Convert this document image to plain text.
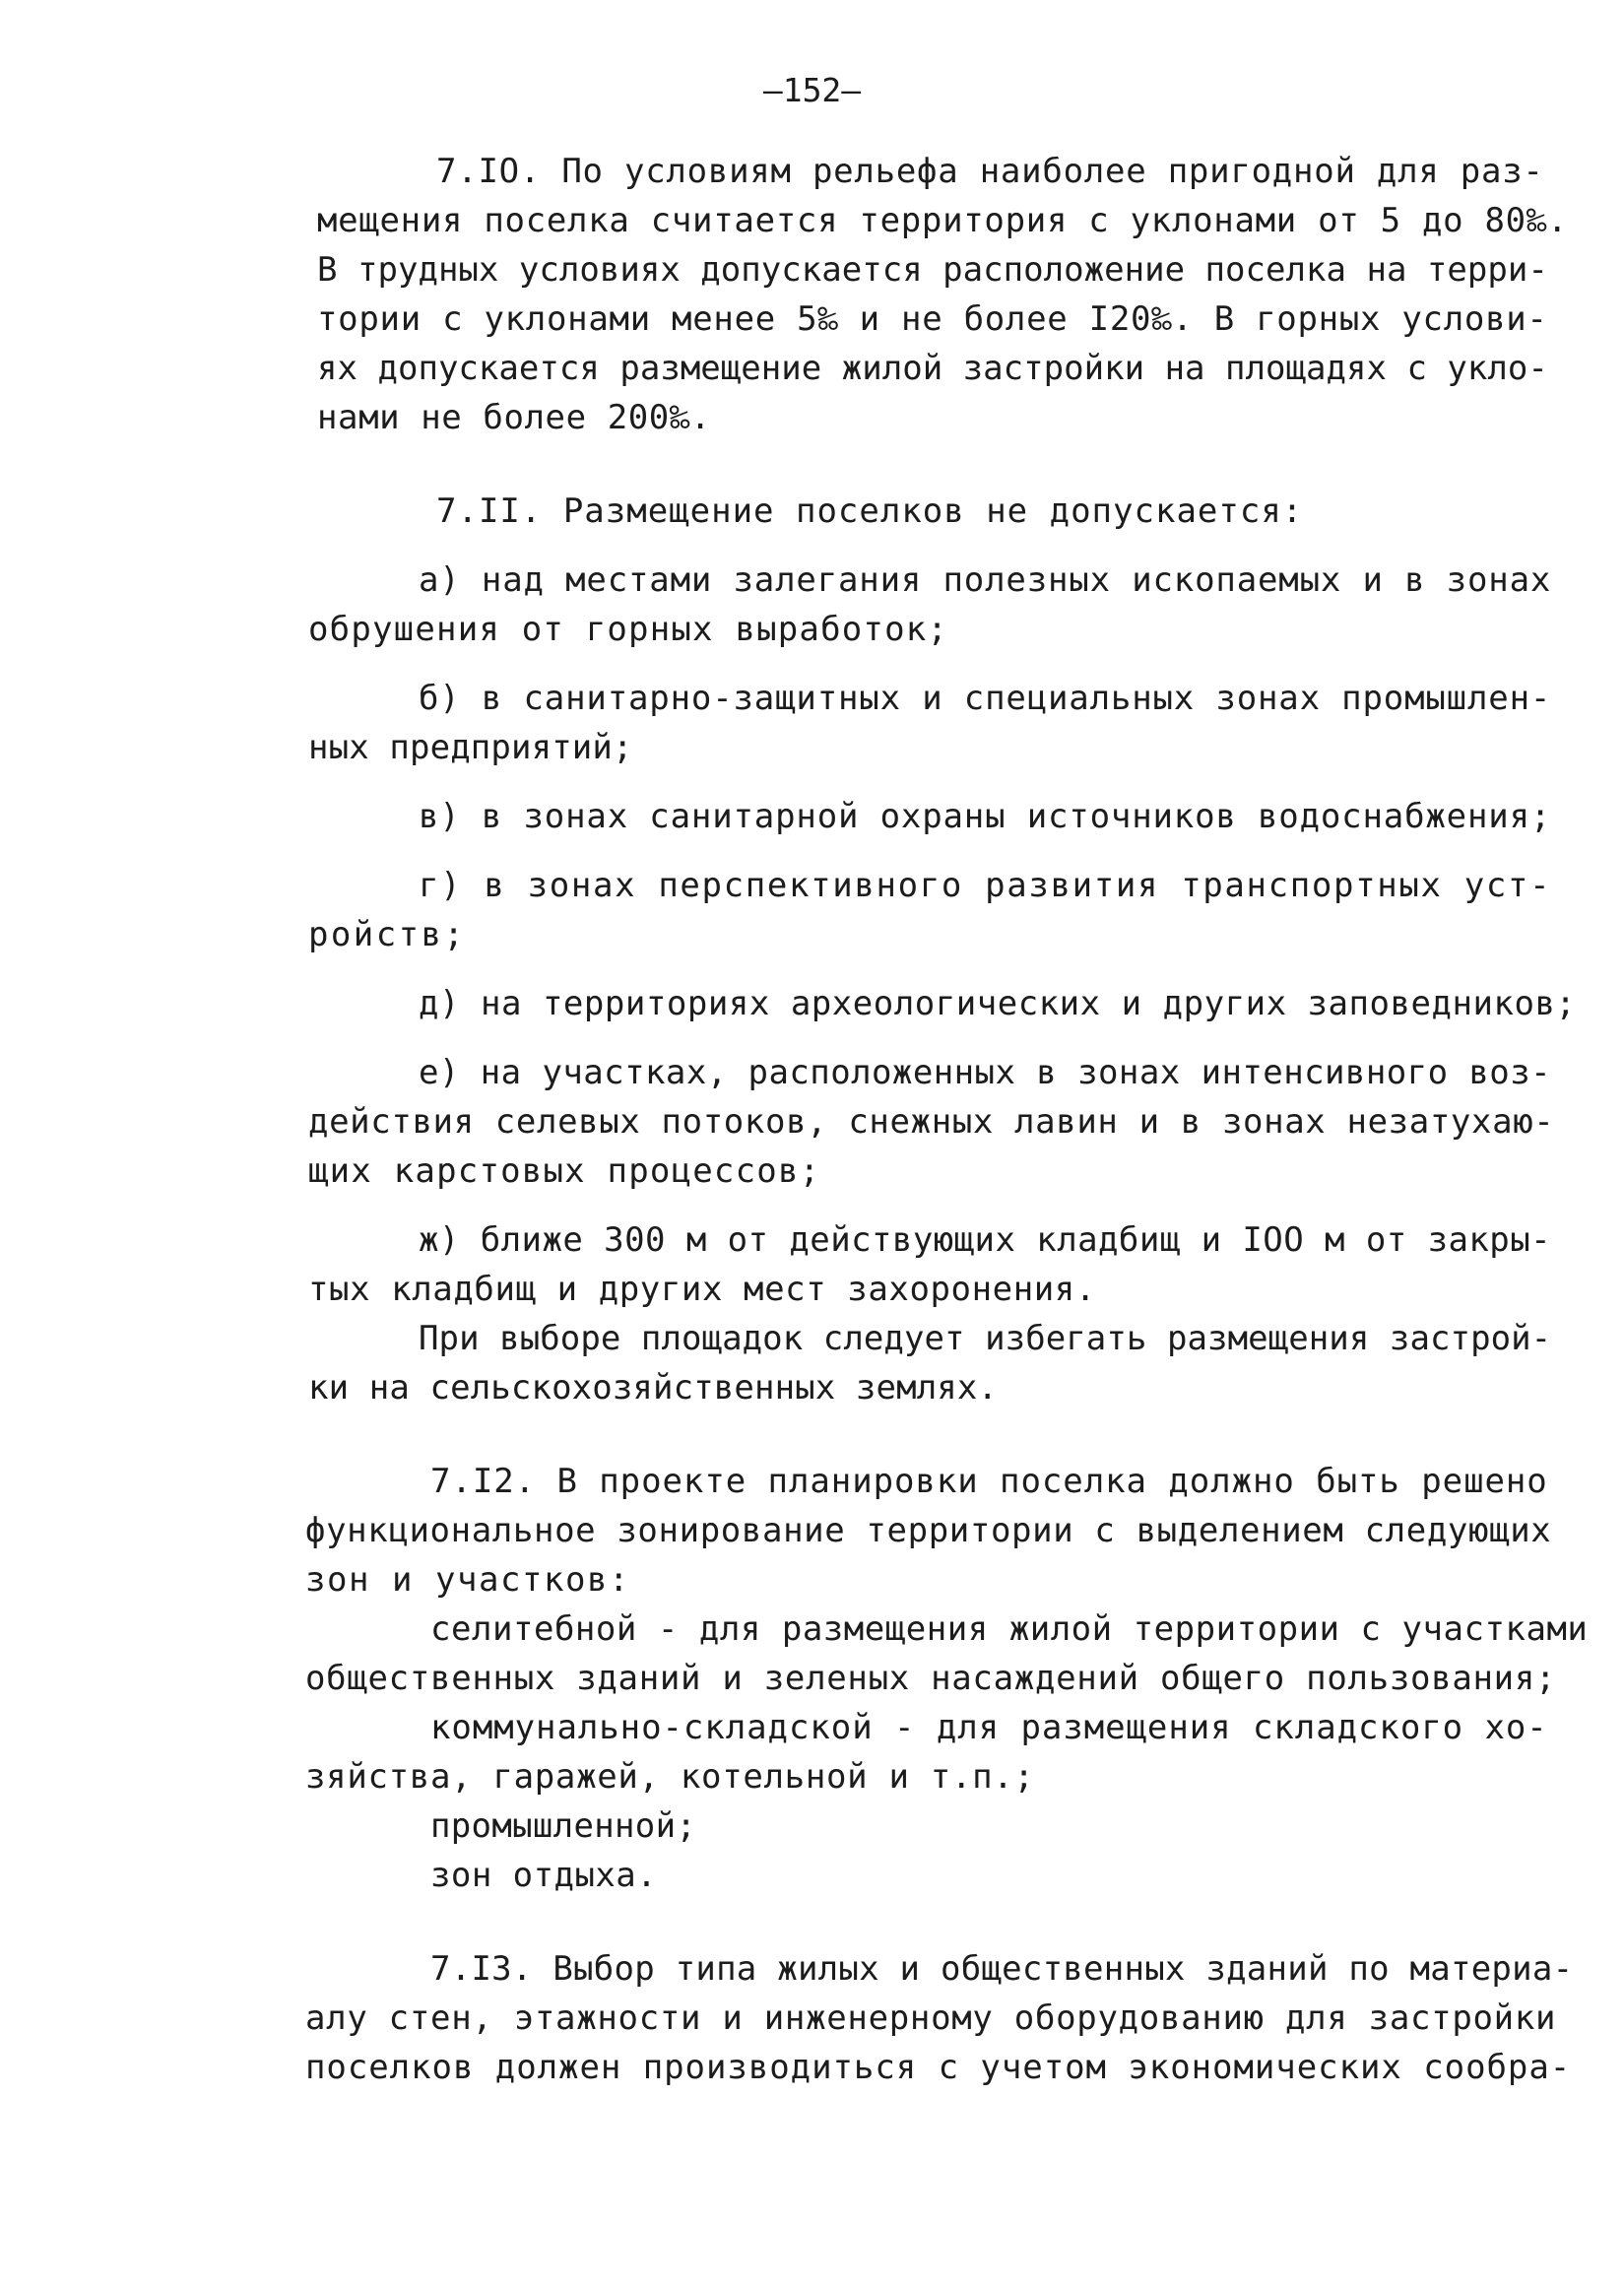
—152—
7.IO. По условиям рельефа наиболее пригодной для раз-
мещения поселка считается территория с уклонами от 5 до 80‰.
В трудных условиях допускается расположение поселка на терри-
тории с уклонами менее 5‰ и не более I20‰. В горных услови-
ях допускается размещение жилой застройки на площадях с укло-
нами не более 200‰.
7.II. Размещение поселков не допускается:
а) над местами залегания полезных ископаемых и в зонах
обрушения от горных выработок;
б) в санитарно-защитных и специальных зонах промышлен-
ных предприятий;
в) в зонах санитарной охраны источников водоснабжения;
г) в зонах перспективного развития транспортных уст-
ройств;
д) на территориях археологических и других заповедников;
е) на участках, расположенных в зонах интенсивного воз-
действия селевых потоков, снежных лавин и в зонах незатухаю-
щих карстовых процессов;
ж) ближе 300 м от действующих кладбищ и IOO м от закры-
тых кладбищ и других мест захоронения.
При выборе площадок следует избегать размещения застрой-
ки на сельскохозяйственных землях.
7.I2. В проекте планировки поселка должно быть решено
функциональное зонирование территории с выделением следующих
зон и участков:
селитебной - для размещения жилой территории с участками
общественных зданий и зеленых насаждений общего пользования;
коммунально-складской - для размещения складского хо-
зяйства, гаражей, котельной и т.п.;
промышленной;
зон отдыха.
7.I3. Выбор типа жилых и общественных зданий по материа-
алу стен, этажности и инженерному оборудованию для застройки
поселков должен производиться с учетом экономических сообра-
